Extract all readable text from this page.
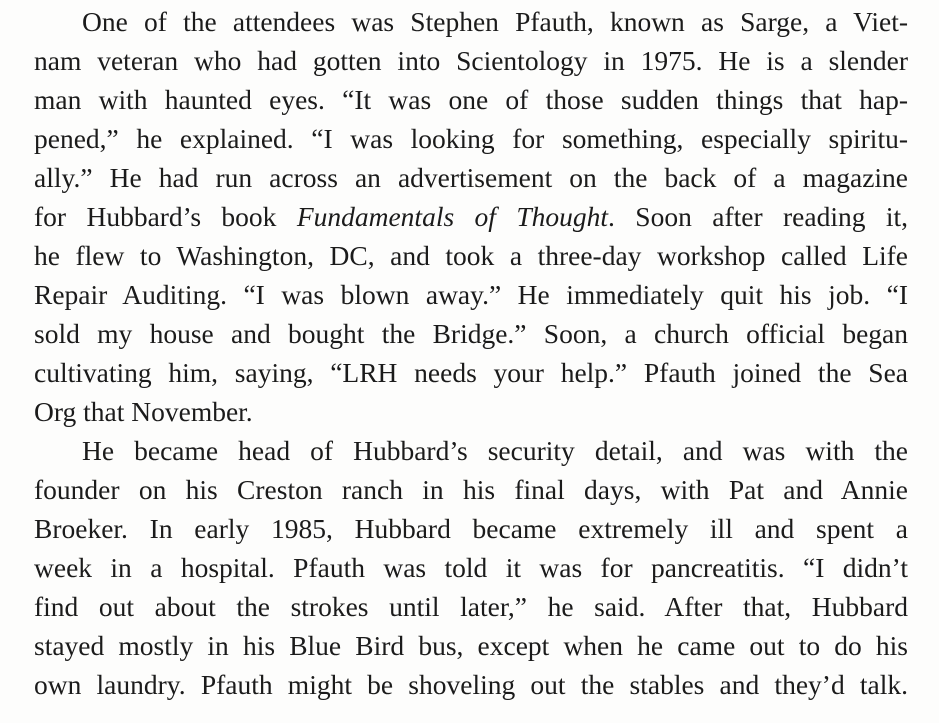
One of the attendees was Stephen Pfauth, known as Sarge, a Viet-
nam veteran who had gotten into Scientology in 1975. He is a slender
man with haunted eyes. “It was one of those sudden things that hap-
pened,” he explained. “I was looking for something, especially spiritu-
ally.” He had run across an advertisement on the back of a magazine
for Hubbard’s book Fundamentals of Thought. Soon after reading it,
he flew to Washington, DC, and took a three-day workshop called Life
Repair Auditing. “I was blown away.” He immediately quit his job. “I
sold my house and bought the Bridge.” Soon, a church official began
cultivating him, saying, “LRH needs your help.” Pfauth joined the Sea
Org that November.
He became head of Hubbard’s security detail, and was with the
founder on his Creston ranch in his final days, with Pat and Annie
Broeker. In early 1985, Hubbard became extremely ill and spent a
week in a hospital. Pfauth was told it was for pancreatitis. “I didn’t
find out about the strokes until later,” he said. After that, Hubbard
stayed mostly in his Blue Bird bus, except when he came out to do his
own laundry. Pfauth might be shoveling out the stables and they’d talk.
